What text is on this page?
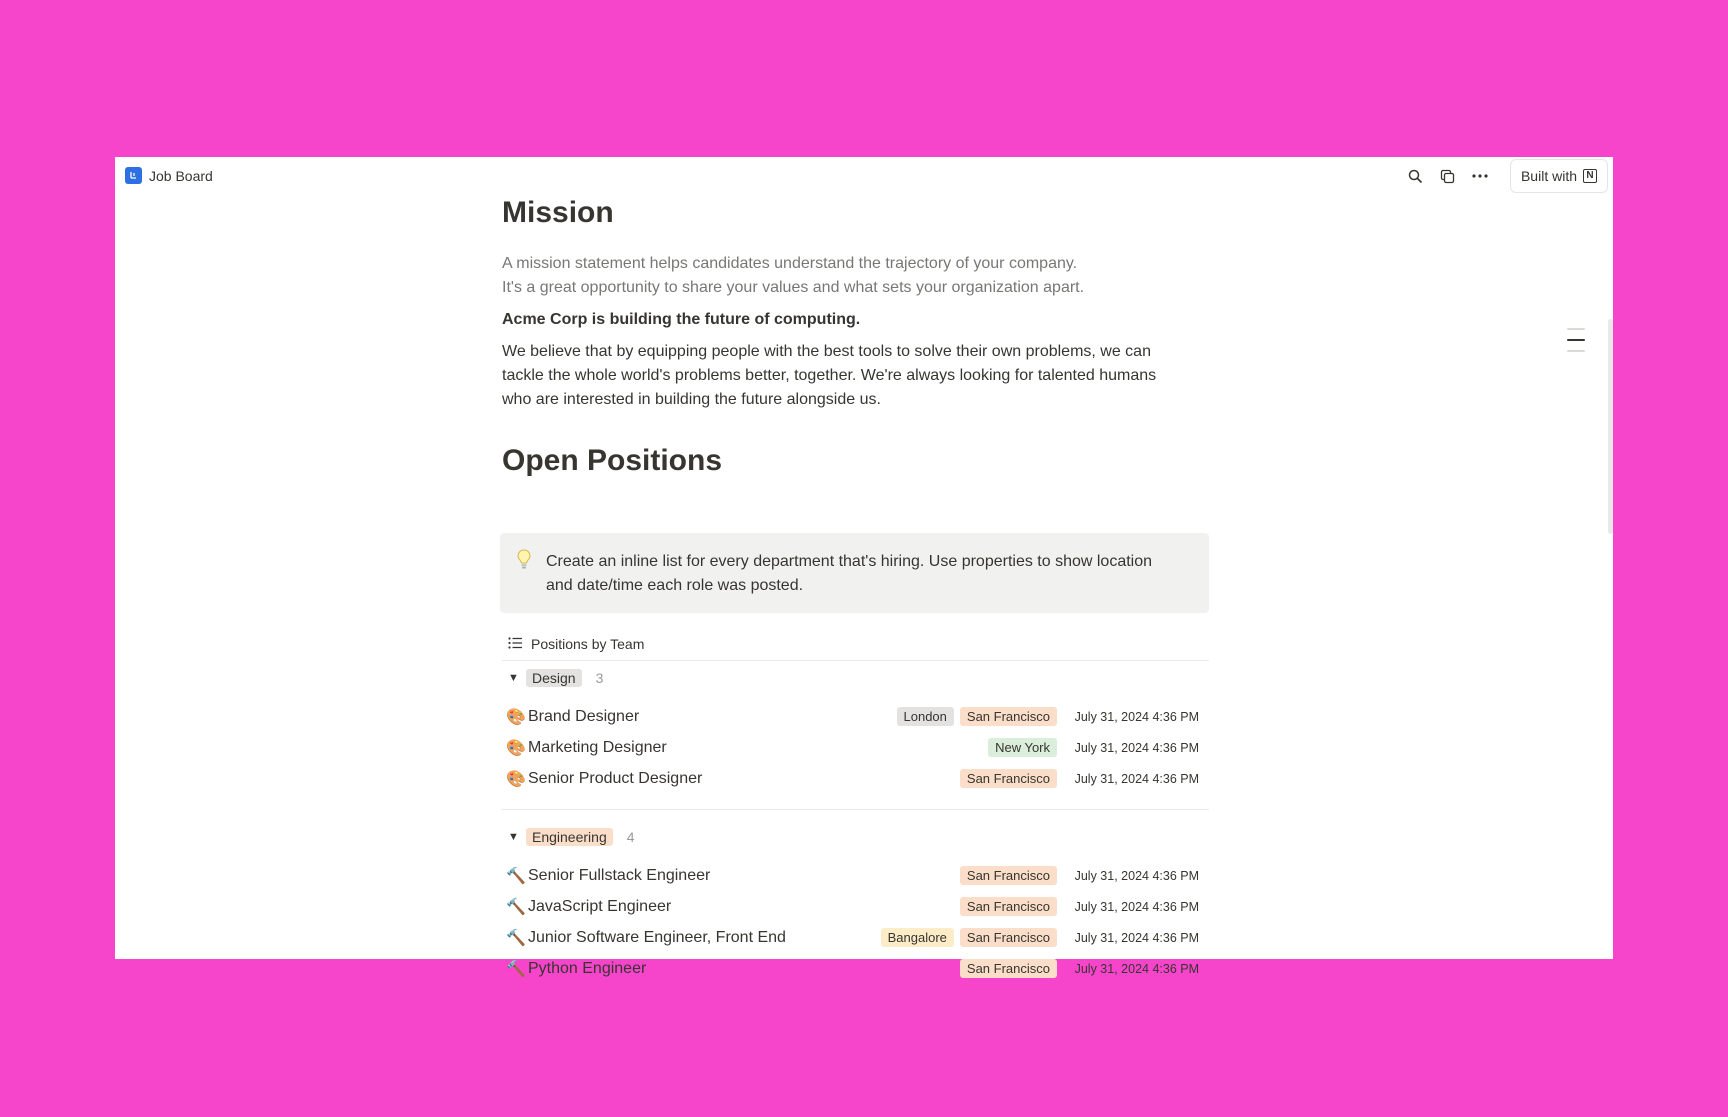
Job Board	Built with N
Mission
A mission statement helps candidates understand the trajectory of your company.
It's a great opportunity to share your values and what sets your organization apart.
Acme Corp is building the future of computing.
We believe that by equipping people with the best tools to solve their own problems, we can
tackle the whole world's problems better, together. We're always looking for talented humans
who are interested in building the future alongside us.
Open Positions
Create an inline list for every department that's hiring. Use properties to show location
and date/time each role was posted.
Positions by Team
▼ Design	3
🎨 Brand Designer	London	San Francisco	July 31, 2024 4:36 PM
🎨 Marketing Designer	New York	July 31, 2024 4:36 PM
🎨 Senior Product Designer	San Francisco	July 31, 2024 4:36 PM
▼ Engineering	4
🔨 Senior Fullstack Engineer	San Francisco	July 31, 2024 4:36 PM
🔨 JavaScript Engineer	San Francisco	July 31, 2024 4:36 PM
🔨 Junior Software Engineer, Front End	Bangalore	San Francisco	July 31, 2024 4:36 PM
🔨 Python Engineer	San Francisco	July 31, 2024 4:36 PM
